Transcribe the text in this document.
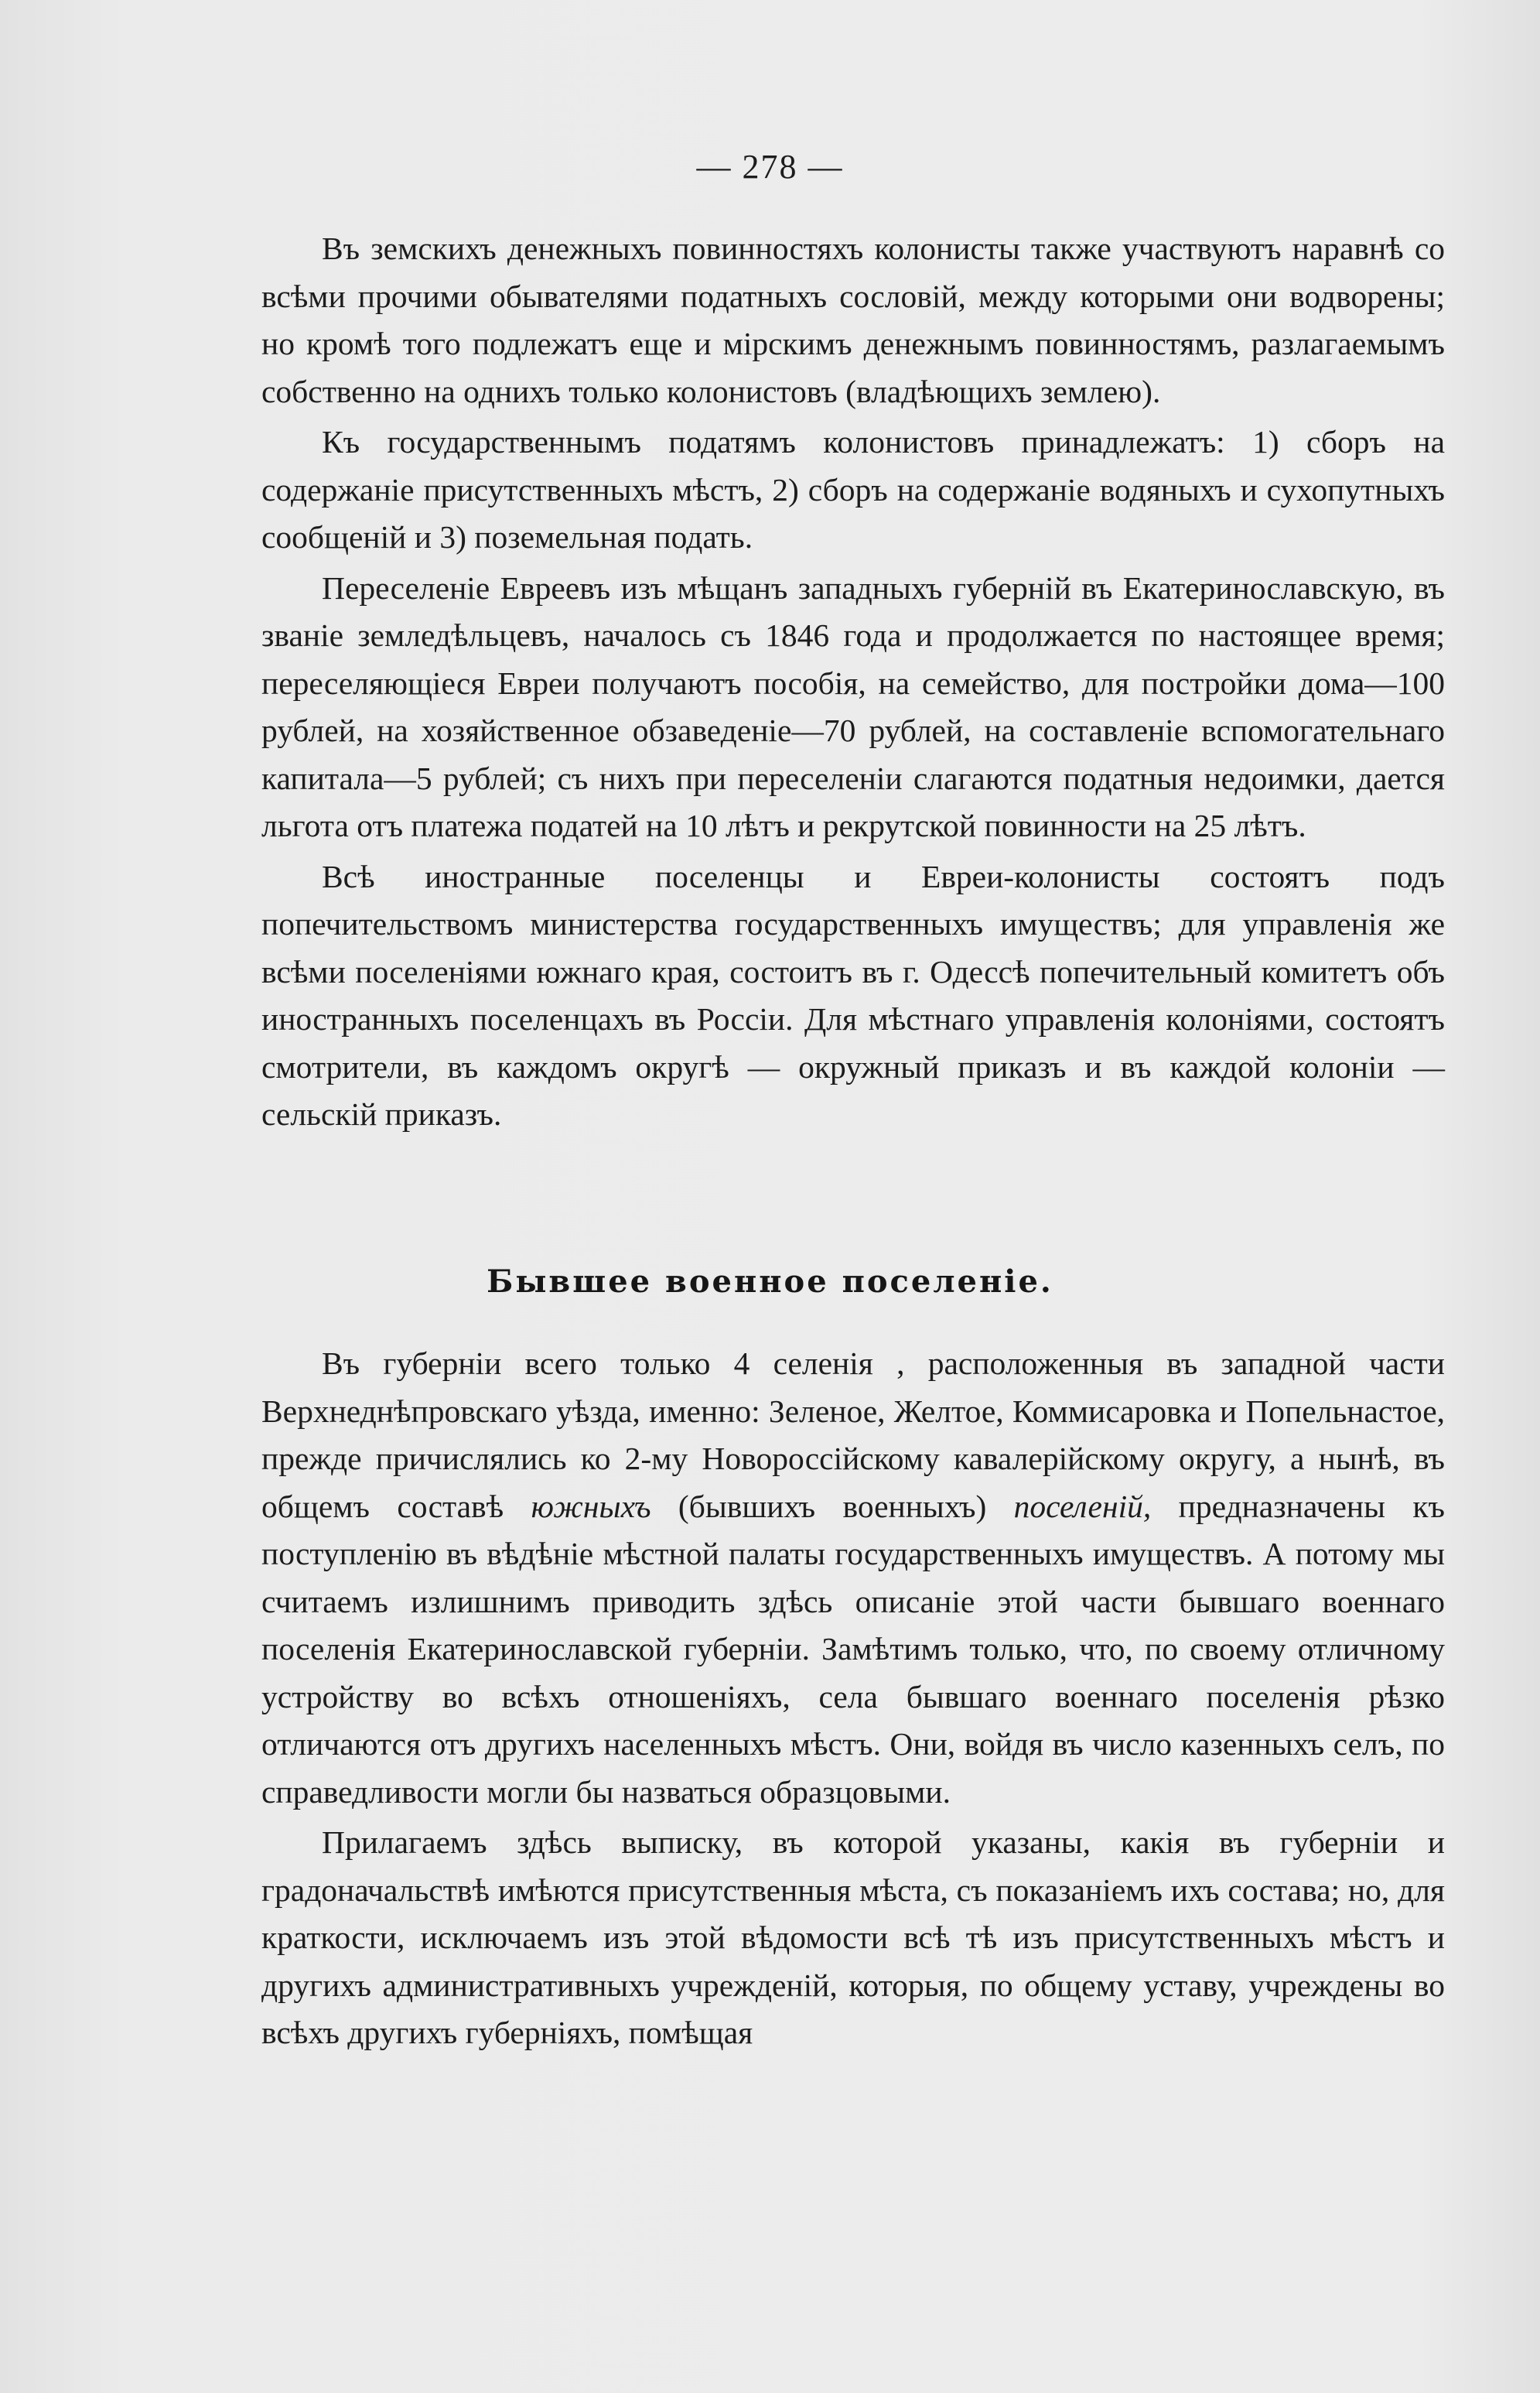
— 278 —

Въ земскихъ денежныхъ повинностяхъ колонисты также участвуютъ наравнѣ со всѣми прочими обывателями податныхъ сословій, между которыми они водворены; но кромѣ того подлежатъ еще и мірскимъ денежнымъ повинностямъ, разлагаемымъ собственно на однихъ только колонистовъ (владѣющихъ землею).

Къ государственнымъ податямъ колонистовъ принадлежатъ: 1) сборъ на содержаніе присутственныхъ мѣстъ, 2) сборъ на содержаніе водяныхъ и сухопутныхъ сообщеній и 3) поземельная подать.

Переселеніе Евреевъ изъ мѣщанъ западныхъ губерній въ Екатеринославскую, въ званіе земледѣльцевъ, началось съ 1846 года и продолжается по настоящее время; переселяющіеся Евреи получаютъ пособія, на семейство, для постройки дома—100 рублей, на хозяйственное обзаведеніе—70 рублей, на составленіе вспомогательнаго капитала—5 рублей; съ нихъ при переселеніи слагаются податныя недоимки, дается льгота отъ платежа податей на 10 лѣтъ и рекрутской повинности на 25 лѣтъ.

Всѣ иностранные поселенцы и Евреи-колонисты состоятъ подъ попечительствомъ министерства государственныхъ имуществъ; для управленія же всѣми поселеніями южнаго края, состоитъ въ г. Одессѣ попечительный комитетъ объ иностранныхъ поселенцахъ въ Россіи. Для мѣстнаго управленія колоніями, состоятъ смотрители, въ каждомъ округѣ — окружный приказъ и въ каждой колоніи — сельскій приказъ.

Бывшее военное поселеніе.

Въ губерніи всего только 4 селенія , расположенныя въ западной части Верхнеднѣпровскаго уѣзда, именно: Зеленое, Желтое, Коммисаровка и Попельнастое, прежде причислялись ко 2-му Новороссійскому кавалерійскому округу, а нынѣ, въ общемъ составѣ южныхъ (бывшихъ военныхъ) поселеній, предназначены къ поступленію въ вѣдѣніе мѣстной палаты государственныхъ имуществъ. А потому мы считаемъ излишнимъ приводить здѣсь описаніе этой части бывшаго военнаго поселенія Екатеринославской губерніи. Замѣтимъ только, что, по своему отличному устройству во всѣхъ отношеніяхъ, села бывшаго военнаго поселенія рѣзко отличаются отъ другихъ населенныхъ мѣстъ. Они, войдя въ число казенныхъ селъ, по справедливости могли бы назваться образцовыми.

Прилагаемъ здѣсь выписку, въ которой указаны, какія въ губерніи и градоначальствѣ имѣются присутственныя мѣста, съ показаніемъ ихъ состава; но, для краткости, исключаемъ изъ этой вѣдомости всѣ тѣ изъ присутственныхъ мѣстъ и другихъ административныхъ учрежденій, которыя, по общему уставу, учреждены во всѣхъ другихъ губерніяхъ, помѣщая
